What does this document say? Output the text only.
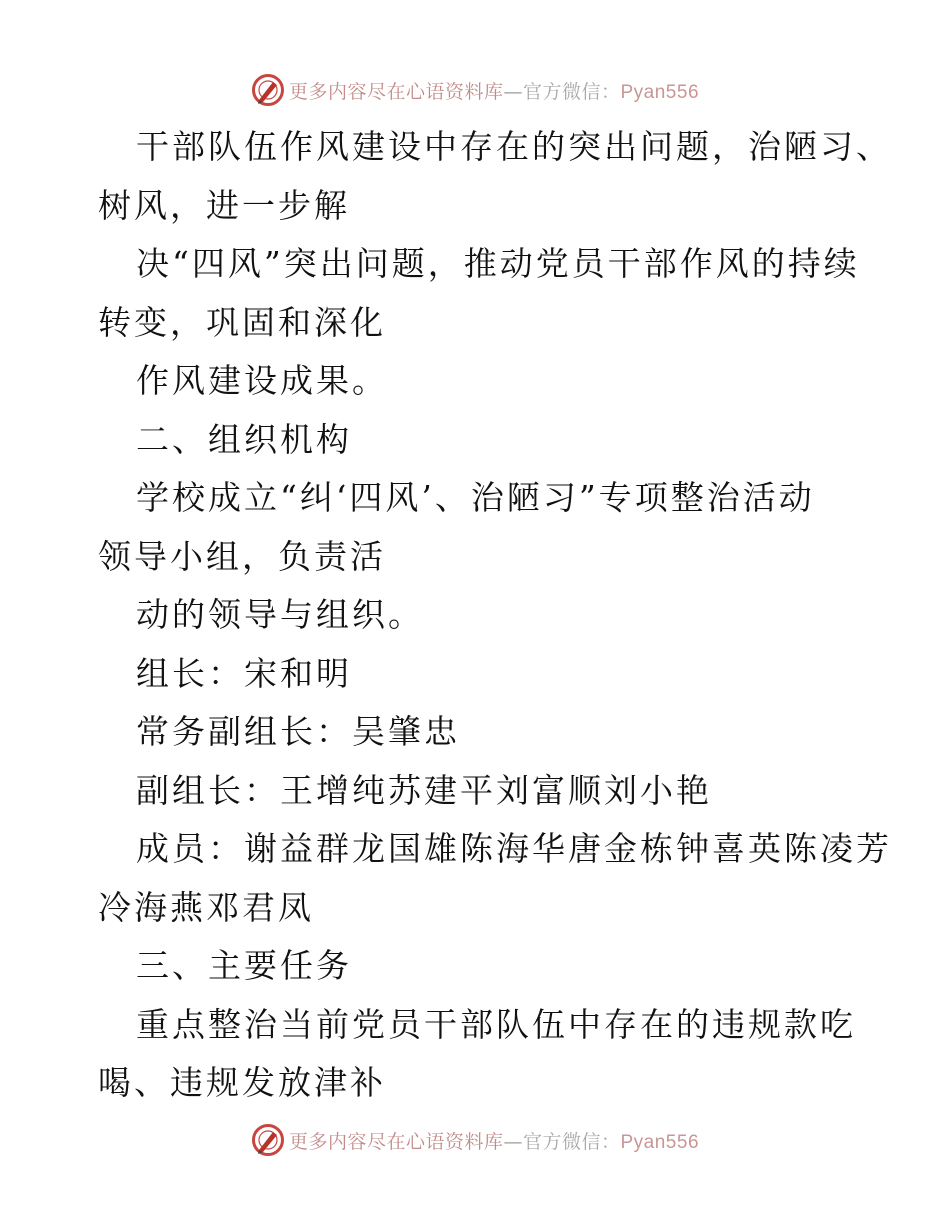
更多内容尽在心语资料库—官方微信：Pyan556
干部队伍作风建设中存在的突出问题，治陋习、
树风，进一步解
决“四风”突出问题，推动党员干部作风的持续
转变，巩固和深化
作风建设成果。
二、组织机构
学校成立“纠‘四风’、治陋习”专项整治活动
领导小组，负责活
动的领导与组织。
组长：宋和明
常务副组长：吴肇忠
副组长：王增纯苏建平刘富顺刘小艳
成员：谢益群龙国雄陈海华唐金栋钟喜英陈凌芳
冷海燕邓君凤
三、主要任务
重点整治当前党员干部队伍中存在的违规款吃
喝、违规发放津补
更多内容尽在心语资料库—官方微信：Pyan556
